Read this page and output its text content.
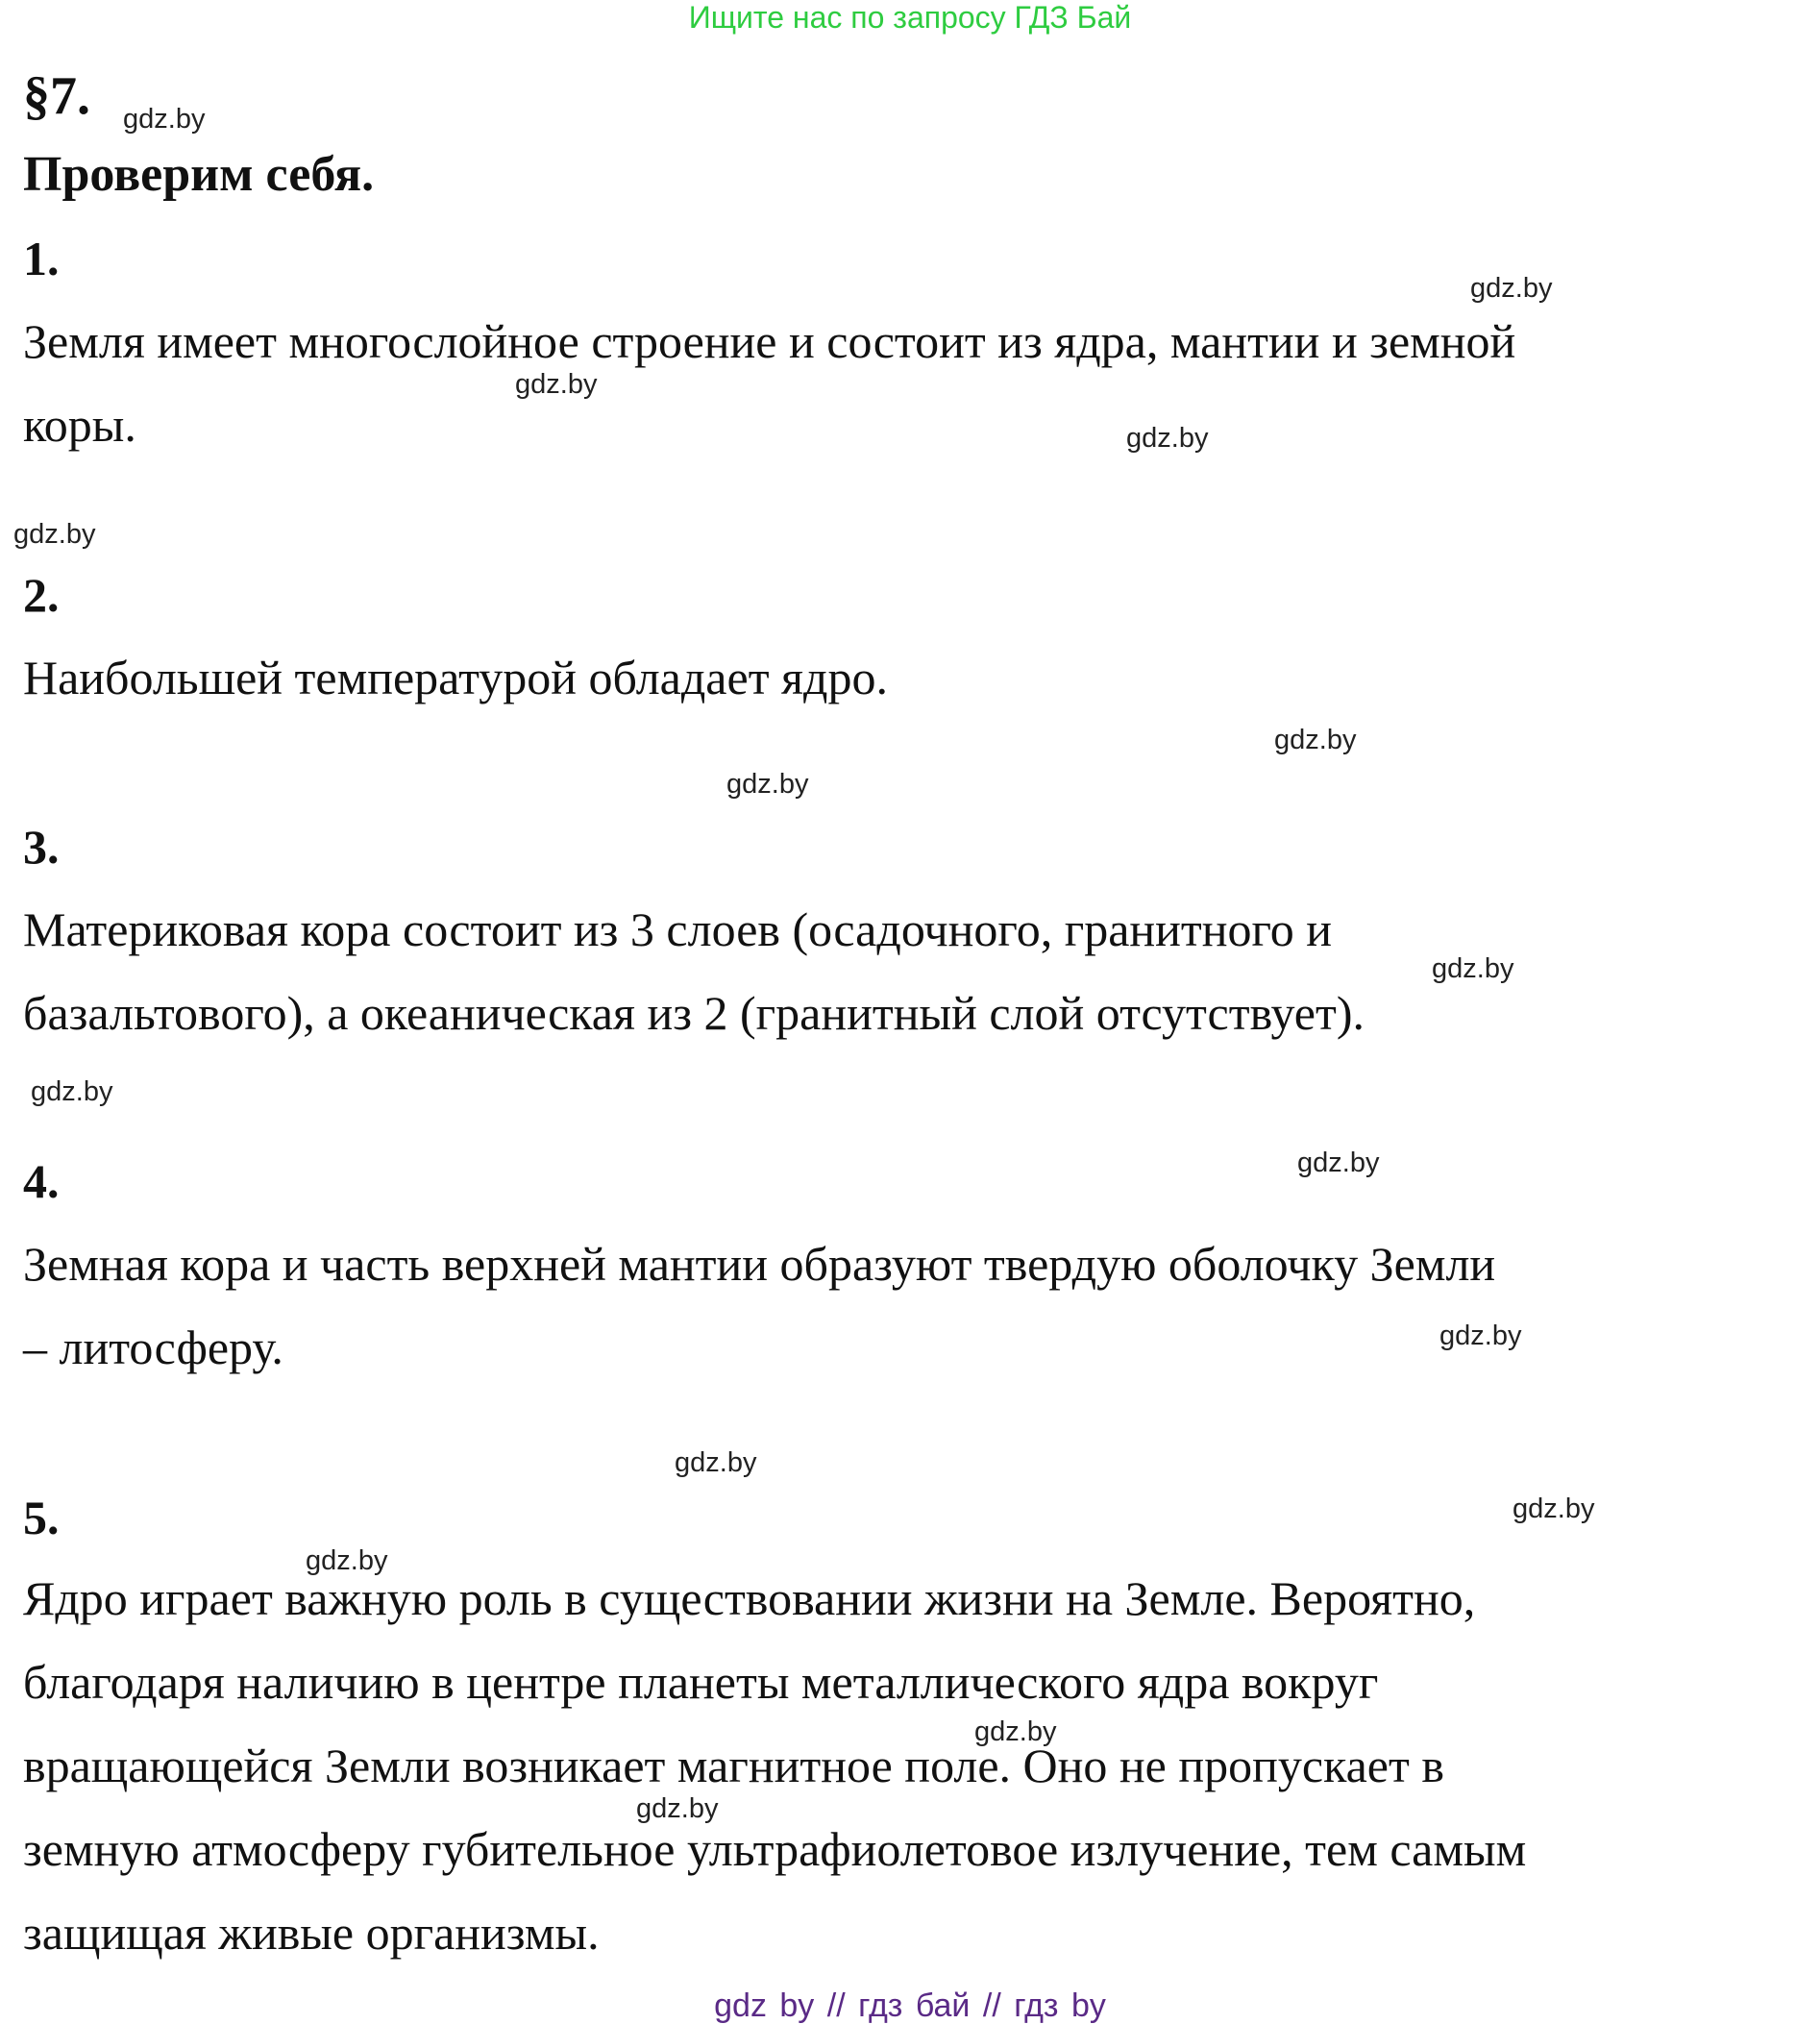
Ищите нас по запросу ГДЗ Бай
§7.
Проверим себя.
1.
Земля имеет многослойное строение и состоит из ядра, мантии и земной
коры.
2.
Наибольшей температурой обладает ядро.
3.
Материковая кора состоит из 3 слоев (осадочного, гранитного и
базальтового), а океаническая из 2 (гранитный слой отсутствует).
4.
Земная кора и часть верхней мантии образуют твердую оболочку Земли
– литосферу.
5.
Ядро играет важную роль в существовании жизни на Земле. Вероятно,
благодаря наличию в центре планеты металлического ядра вокруг
вращающейся Земли возникает магнитное поле. Оно не пропускает в
земную атмосферу губительное ультрафиолетовое излучение, тем самым
защищая живые организмы.
gdz.by
gdz.by
gdz.by
gdz.by
gdz.by
gdz.by
gdz.by
gdz.by
gdz.by
gdz.by
gdz.by
gdz.by
gdz.by
gdz.by
gdz.by
gdz.by
gdz by // гдз бай // гдз by
